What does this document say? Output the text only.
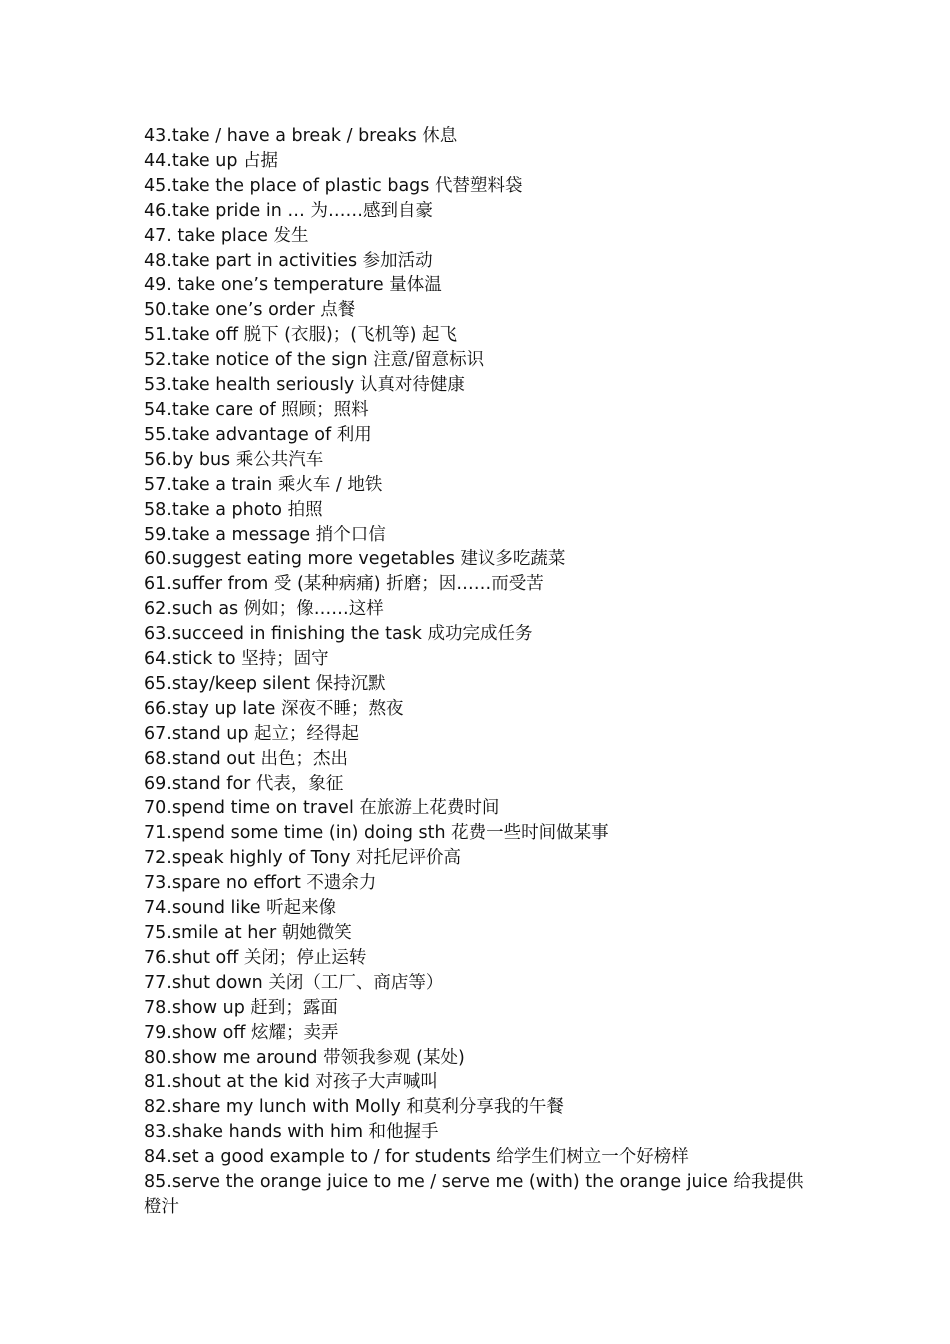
43.take / have a break / breaks 休息
44.take up 占据
45.take the place of plastic bags 代替塑料袋
46.take pride in … 为……感到自豪
47. take place 发生
48.take part in activities 参加活动
49. take one’s temperature 量体温
50.take one’s order 点餐
51.take off 脱下 (衣服)；(飞机等) 起飞
52.take notice of the sign 注意/留意标识
53.take health seriously 认真对待健康
54.take care of 照顾；照料
55.take advantage of 利用
56.by bus 乘公共汽车
57.take a train 乘火车 / 地铁
58.take a photo 拍照
59.take a message 捎个口信
60.suggest eating more vegetables 建议多吃蔬菜
61.suffer from 受 (某种病痛) 折磨；因……而受苦
62.such as 例如；像……这样
63.succeed in finishing the task 成功完成任务
64.stick to 坚持；固守
65.stay/keep silent 保持沉默
66.stay up late 深夜不睡；熬夜
67.stand up 起立；经得起
68.stand out 出色；杰出
69.stand for 代表，象征
70.spend time on travel 在旅游上花费时间
71.spend some time (in) doing sth 花费一些时间做某事
72.speak highly of Tony 对托尼评价高
73.spare no effort 不遗余力
74.sound like 听起来像
75.smile at her 朝她微笑
76.shut off 关闭；停止运转
77.shut down 关闭（工厂、商店等）
78.show up 赶到；露面
79.show off 炫耀；卖弄
80.show me around 带领我参观 (某处)
81.shout at the kid 对孩子大声喊叫
82.share my lunch with Molly 和莫利分享我的午餐
83.shake hands with him 和他握手
84.set a good example to / for students 给学生们树立一个好榜样
85.serve the orange juice to me / serve me (with) the orange juice 给我提供橙汁
